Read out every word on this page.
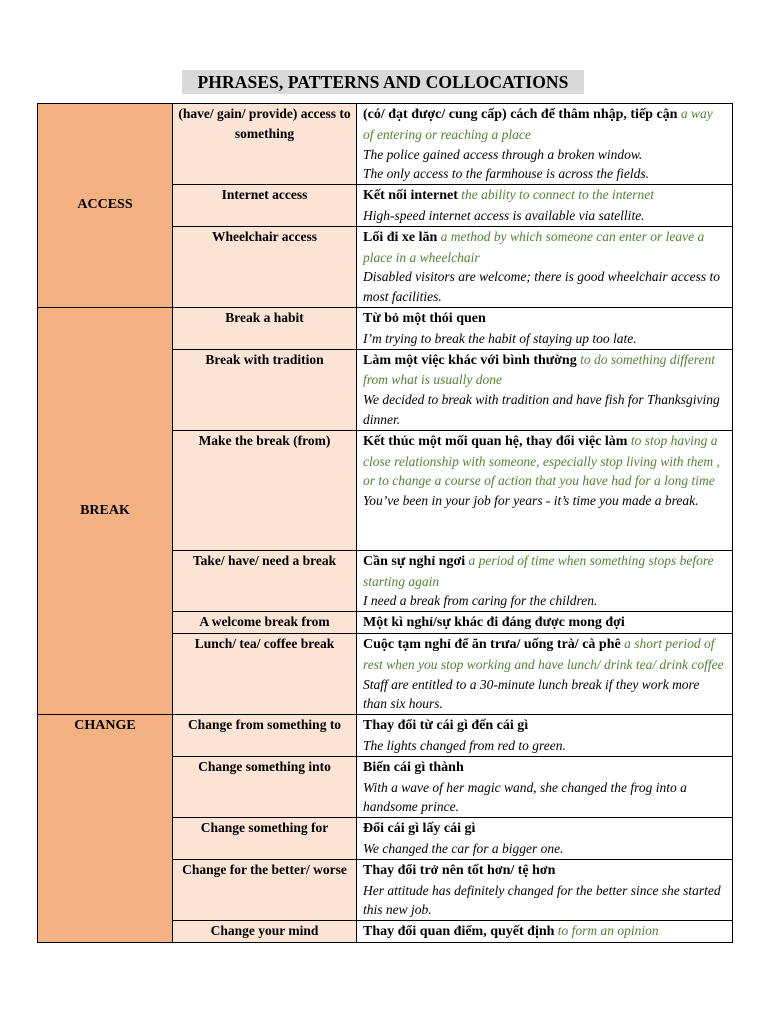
PHRASES, PATTERNS AND COLLOCATIONS
ACCESS	(have/ gain/ provide) access to something	(có/ đạt được/ cung cấp) cách để thâm nhập, tiếp cận a way of entering or reaching a place
The police gained access through a broken window.
The only access to the farmhouse is across the fields.

	Internet access	Kết nối internet the ability to connect to the internet
High-speed internet access is available via satellite.

	Wheelchair access	Lối đi xe lăn a method by which someone can enter or leave a place in a wheelchair
Disabled visitors are welcome; there is good wheelchair access to most facilities.

BREAK	Break a habit	Từ bỏ một thói quen
I’m trying to break the habit of staying up too late.

	Break with tradition	Làm một việc khác với bình thường to do something different from what is usually done
We decided to break with tradition and have fish for Thanksgiving dinner.

	Make the break (from)	Kết thúc một mối quan hệ, thay đổi việc làm to stop having a close relationship with someone, especially stop living with them , or to change a course of action that you have had for a long time
You’ve been in your job for years - it’s time you made a break.

	Take/ have/ need a break	Cần sự nghỉ ngơi a period of time when something stops before starting again
I need a break from caring for the children.

	A welcome break from	Một kì nghỉ/sự khác đi đáng được mong đợi
	Lunch/ tea/ coffee break	Cuộc tạm nghỉ để ăn trưa/ uống trà/ cà phê a short period of rest when you stop working and have lunch/ drink tea/ drink coffee
Staff are entitled to a 30-minute lunch break if they work more than six hours.

CHANGE	Change from something to	Thay đổi từ cái gì đến cái gì
The lights changed from red to green.

	Change something into	Biến cái gì thành
With a wave of her magic wand, she changed the frog into a handsome prince.

	Change something for	Đổi cái gì lấy cái gì
We changed the car for a bigger one.

	Change for the better/ worse	Thay đổi trở nên tốt hơn/ tệ hơn
Her attitude has definitely changed for the better since she started this new job.

	Change your mind	Thay đổi quan điểm, quyết định to form an opinion
